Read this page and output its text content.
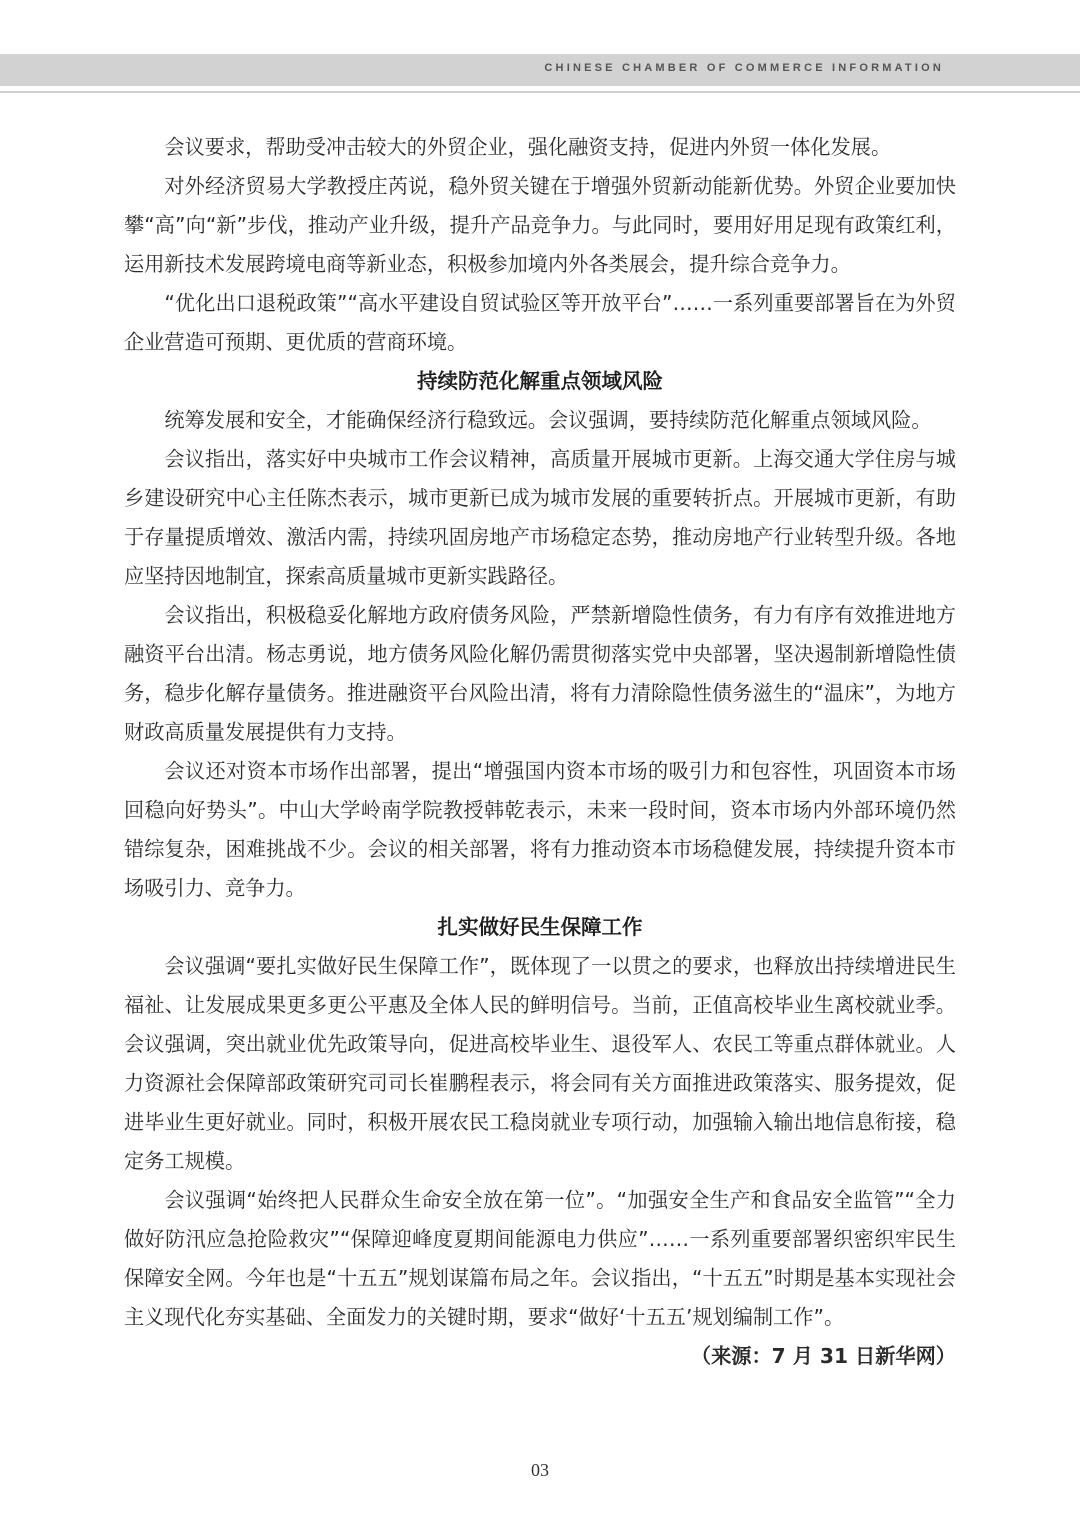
CHINESE CHAMBER OF COMMERCE INFORMATION

会议要求，帮助受冲击较大的外贸企业，强化融资支持，促进内外贸一体化发展。

对外经济贸易大学教授庄芮说，稳外贸关键在于增强外贸新动能新优势。外贸企业要加快攀“高”向“新”步伐，推动产业升级，提升产品竞争力。与此同时，要用好用足现有政策红利，运用新技术发展跨境电商等新业态，积极参加境内外各类展会，提升综合竞争力。

“优化出口退税政策”“高水平建设自贸试验区等开放平台”……一系列重要部署旨在为外贸企业营造可预期、更优质的营商环境。

持续防范化解重点领域风险

统筹发展和安全，才能确保经济行稳致远。会议强调，要持续防范化解重点领域风险。

会议指出，落实好中央城市工作会议精神，高质量开展城市更新。上海交通大学住房与城乡建设研究中心主任陈杰表示，城市更新已成为城市发展的重要转折点。开展城市更新，有助于存量提质增效、激活内需，持续巩固房地产市场稳定态势，推动房地产行业转型升级。各地应坚持因地制宜，探索高质量城市更新实践路径。

会议指出，积极稳妥化解地方政府债务风险，严禁新增隐性债务，有力有序有效推进地方融资平台出清。杨志勇说，地方债务风险化解仍需贯彻落实党中央部署，坚决遏制新增隐性债务，稳步化解存量债务。推进融资平台风险出清，将有力清除隐性债务滋生的“温床”，为地方财政高质量发展提供有力支持。

会议还对资本市场作出部署，提出“增强国内资本市场的吸引力和包容性，巩固资本市场回稳向好势头”。中山大学岭南学院教授韩乾表示，未来一段时间，资本市场内外部环境仍然错综复杂，困难挑战不少。会议的相关部署，将有力推动资本市场稳健发展，持续提升资本市场吸引力、竞争力。

扎实做好民生保障工作

会议强调“要扎实做好民生保障工作”，既体现了一以贯之的要求，也释放出持续增进民生福祉、让发展成果更多更公平惠及全体人民的鲜明信号。当前，正值高校毕业生离校就业季。会议强调，突出就业优先政策导向，促进高校毕业生、退役军人、农民工等重点群体就业。人力资源社会保障部政策研究司司长崔鹏程表示，将会同有关方面推进政策落实、服务提效，促进毕业生更好就业。同时，积极开展农民工稳岗就业专项行动，加强输入输出地信息衔接，稳定务工规模。

会议强调“始终把人民群众生命安全放在第一位”。“加强安全生产和食品安全监管”“全力做好防汛应急抢险救灾”“保障迎峰度夏期间能源电力供应”……一系列重要部署织密织牢民生保障安全网。今年也是“十五五”规划谋篇布局之年。会议指出，“十五五”时期是基本实现社会主义现代化夯实基础、全面发力的关键时期，要求“做好‘十五五’规划编制工作”。

（来源：7 月 31 日新华网）

03
